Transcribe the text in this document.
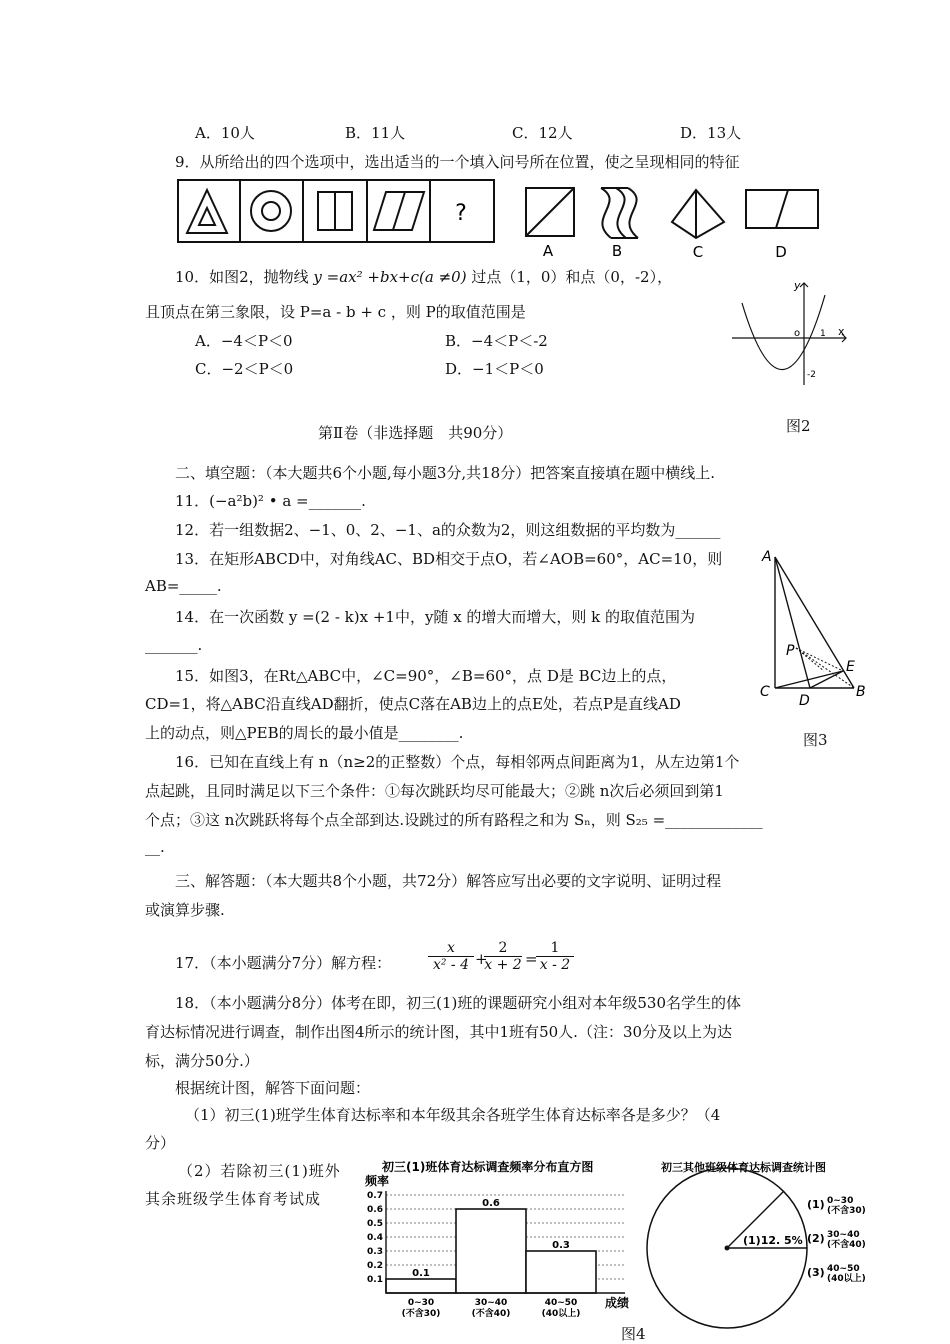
A．10人	B．11人	C．12人	D．13人
9．从所给出的四个选项中，选出适当的一个填入问号所在位置，使之呈现相同的特征
?
A	B	C	D
10．如图2，抛物线 y =ax² +bx+c(a ≠0) 过点（1，0）和点（0，-2），
且顶点在第三象限，设 P=a - b + c ，则 P的取值范围是
A．−4＜P＜0	B．−4＜P＜-2
C．−2＜P＜0	D．−1＜P＜0
y
x
o 1
-2
图2
第Ⅱ卷（非选择题　共90分）
二、填空题：（本大题共6个小题,每小题3分,共18分）把答案直接填在题中横线上.
11．(−a²b)² • a =_______.
12．若一组数据2、−1、0、2、−1、a的众数为2，则这组数据的平均数为______
13．在矩形ABCD中，对角线AC、BD相交于点O，若∠AOB=60°，AC=10，则
AB=_____.
14．在一次函数 y =(2 - k)x +1中，y随 x 的增大而增大，则 k 的取值范围为
_______.
15．如图3，在Rt△ABC中，∠C=90°，∠B=60°，点 D是 BC边上的点，
CD=1，将△ABC沿直线AD翻折，使点C落在AB边上的点E处，若点P是直线AD
上的动点，则△PEB的周长的最小值是________.
A
P
E
C
D
B
图3
16．已知在直线上有 n（n≥2的正整数）个点，每相邻两点间距离为1，从左边第1个
点起跳，且同时满足以下三个条件：①每次跳跃均尽可能最大；②跳 n次后必须回到第1
个点；③这 n次跳跃将每个点全部到达.设跳过的所有路程之和为 Sₙ，则 S₂₅ =_____________
__.
三、解答题：（本大题共8个小题，共72分）解答应写出必要的文字说明、证明过程
或演算步骤.
17．（本小题满分7分）解方程：	$\frac{x}{\text{x² - 4}}$ +
$\frac{2}{x + 2}$ =
$\frac{1}{x - 2}$
18．（本小题满分8分）体考在即，初三(1)班的课题研究小组对本年级530名学生的体
育达标情况进行调查，制作出图4所示的统计图，其中1班有50人.（注：30分及以上为达
标，满分50分.）
根据统计图，解答下面问题：
（1）初三(1)班学生体育达标率和本年级其余各班学生体育达标率各是多少？（4
分）
（2）若除初三(1)班外
其余班级学生体育考试成
初三(1)班体育达标调查频率分布直方图
频率
成绩
0.7
0.6
0.5
0.4
0.3
0.2
0.1
0.1
0.6
0.3
0~30
(不含30)
30~40
(不含40)
40~50
(40以上)
初三其他班级体育达标调查统计图
(1)12. 5%
(1) 0~30
(不含30)
(2) 30~40
(不含40)
(3) 40~50
(40以上)
图4
